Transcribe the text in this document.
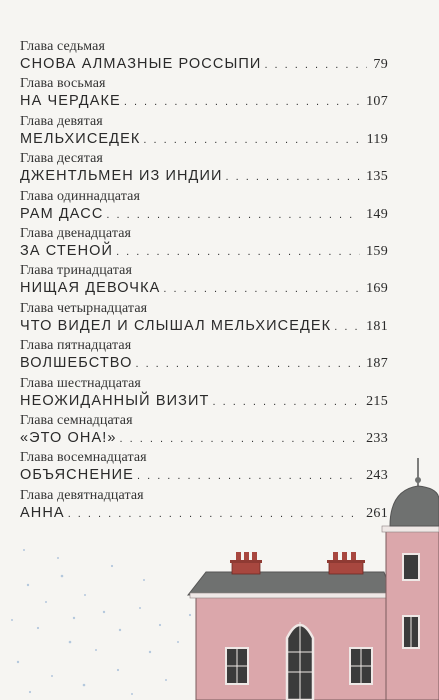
Глава седьмая
СНОВА АЛМАЗНЫЕ РОССЫПИ . . .	79
Глава восьмая
НА ЧЕРДАКЕ . . .	107
Глава девятая
МЕЛЬХИСЕДЕК . . .	119
Глава десятая
ДЖЕНТЛЬМЕН ИЗ ИНДИИ . . .	135
Глава одиннадцатая
РАМ ДАСС . . .	149
Глава двенадцатая
ЗА СТЕНОЙ . . .	159
Глава тринадцатая
НИЩАЯ ДЕВОЧКА . . .	169
Глава четырнадцатая
ЧТО ВИДЕЛ И СЛЫШАЛ МЕЛЬХИСЕДЕК . . . 181
Глава пятнадцатая
ВОЛШЕБСТВО . . .	187
Глава шестнадцатая
НЕОЖИДАННЫЙ ВИЗИТ . . .	215
Глава семнадцатая
«ЭТО ОНА!» . . .	233
Глава восемнадцатая
ОБЪЯСНЕНИЕ . . .	243
Глава девятнадцатая
АННА . . .	261
